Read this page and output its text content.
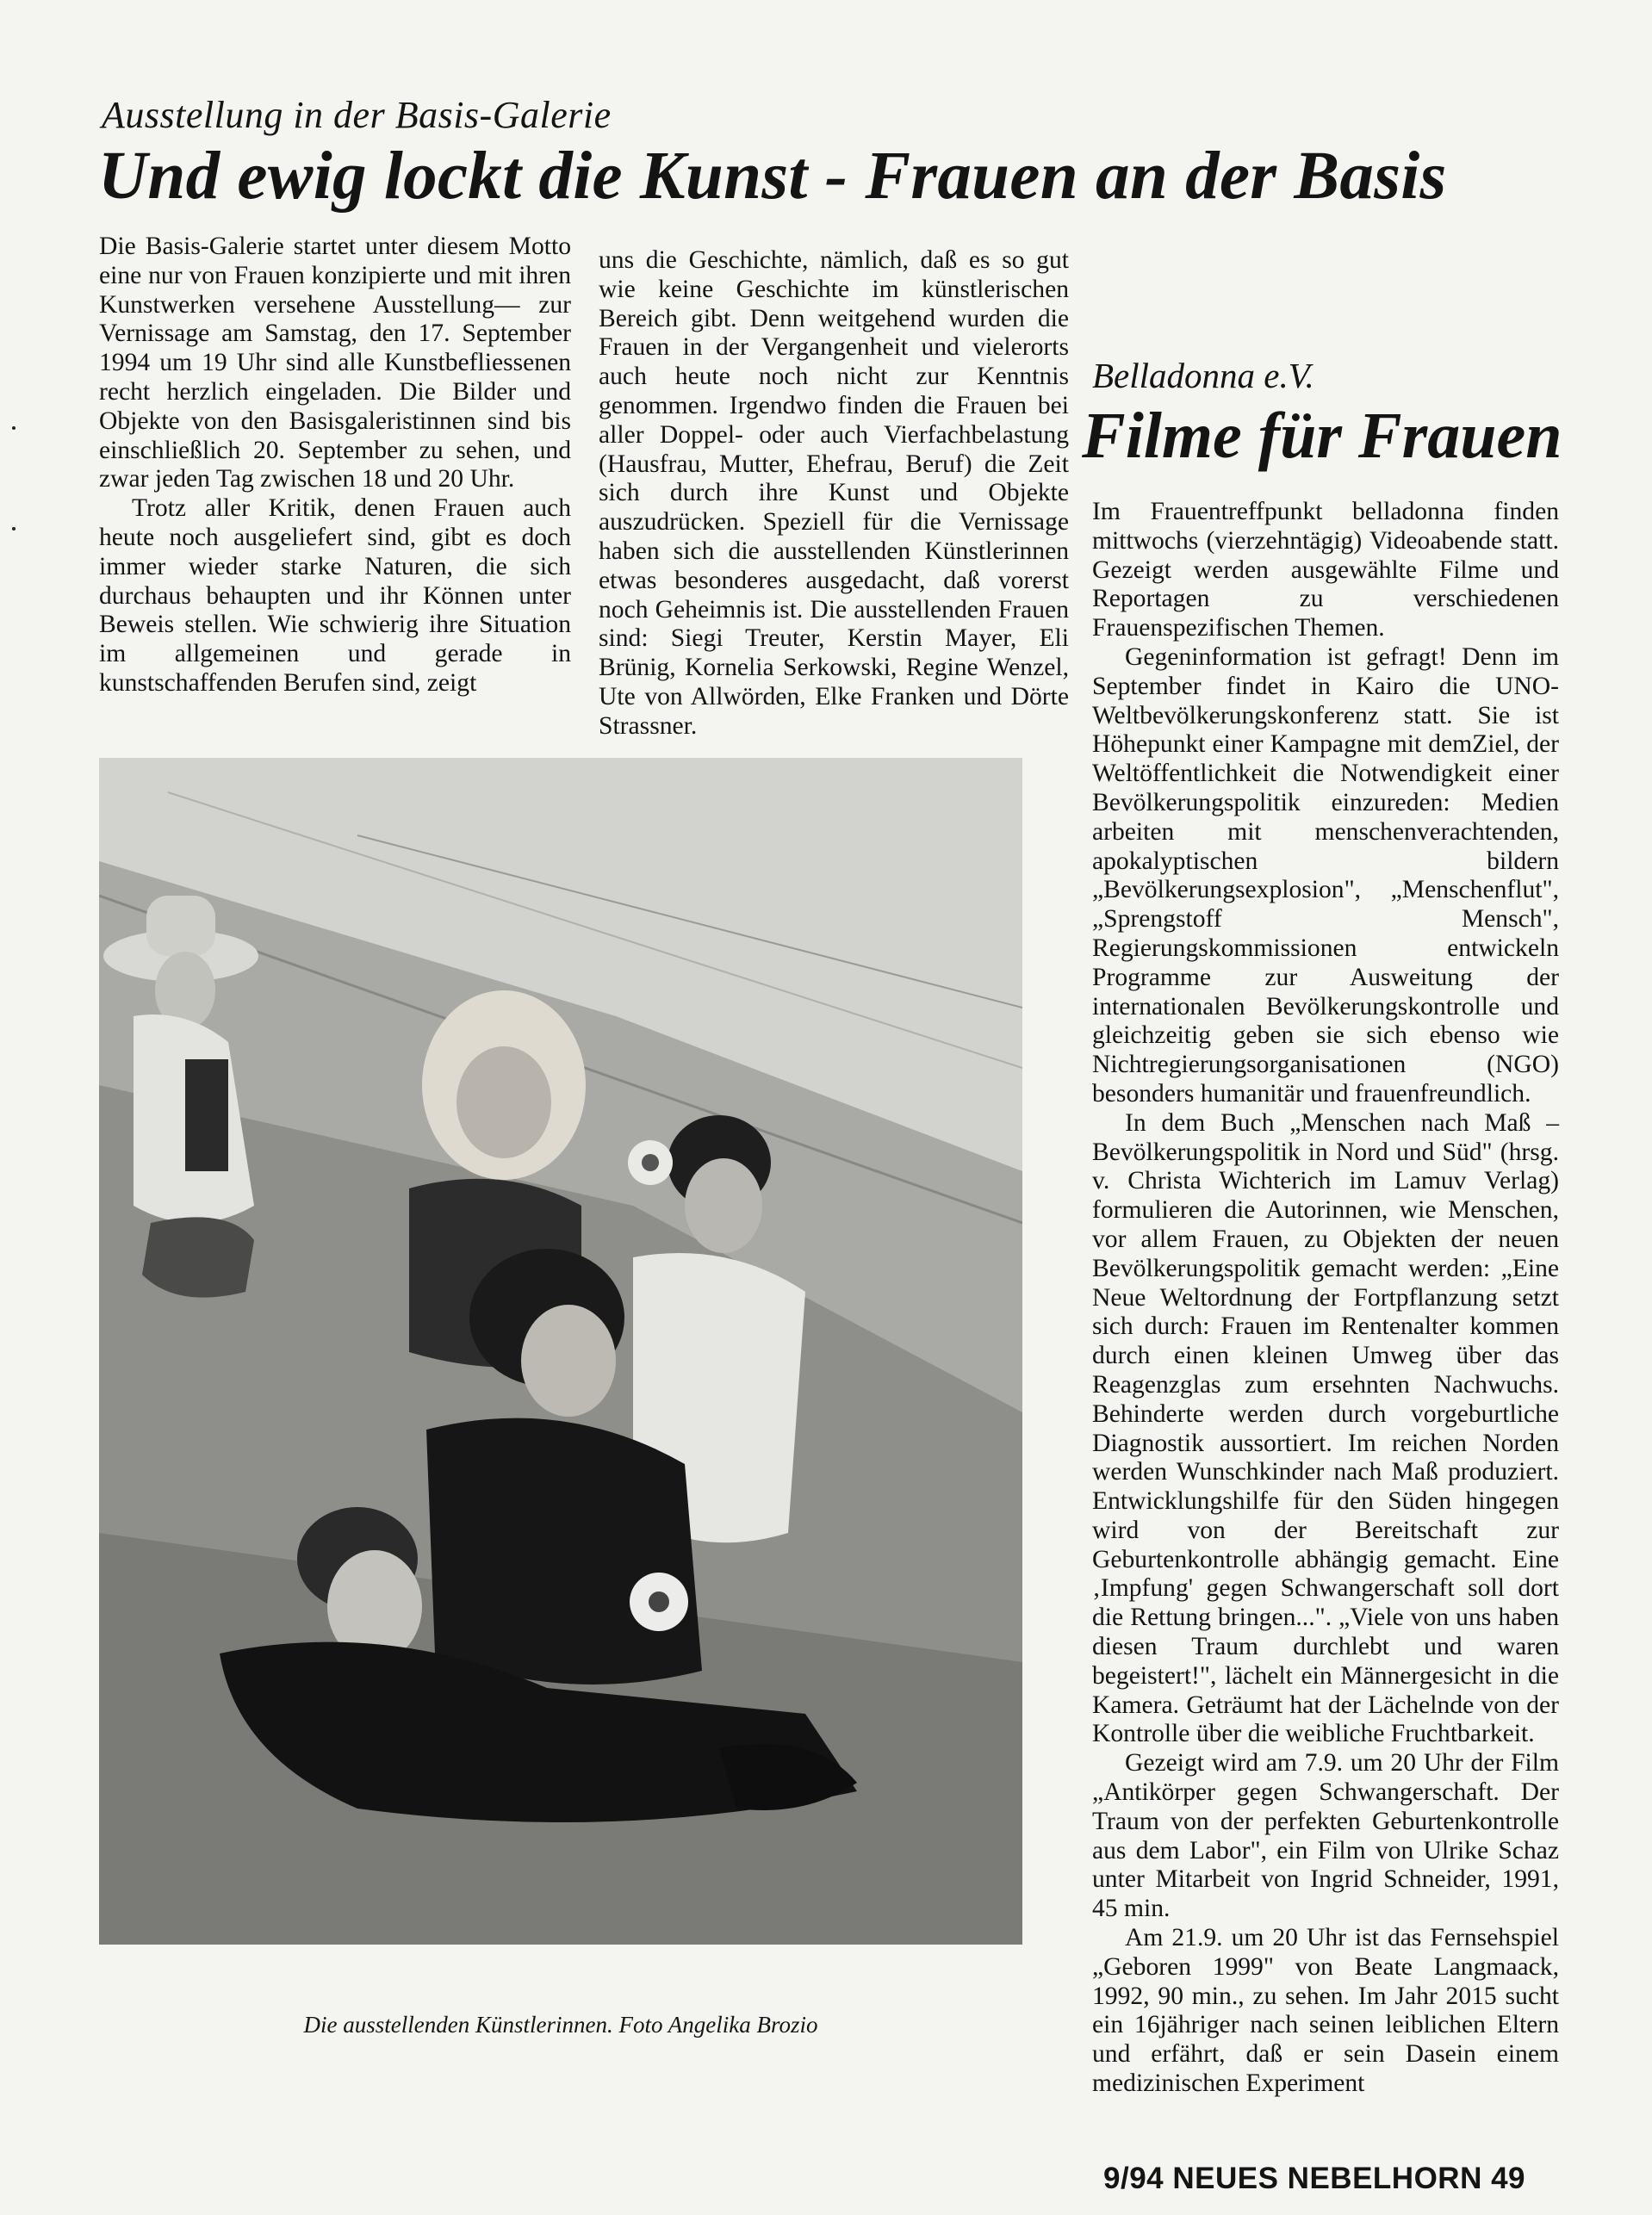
Ausstellung in der Basis-Galerie
Und ewig lockt die Kunst - Frauen an der Basis

Die Basis-Galerie startet unter diesem Motto eine nur von Frauen konzipierte und mit ihren Kunstwerken versehene Ausstellung— zur Vernissage am Samstag, den 17. September 1994 um 19 Uhr sind alle Kunstbefliessenen recht herzlich eingeladen. Die Bilder und Objekte von den Basisgaleristinnen sind bis einschließlich 20. September zu sehen, und zwar jeden Tag zwischen 18 und 20 Uhr.

Trotz aller Kritik, denen Frauen auch heute noch ausgeliefert sind, gibt es doch immer wieder starke Naturen, die sich durchaus behaupten und ihr Können unter Beweis stellen. Wie schwierig ihre Situation im allgemeinen und gerade in kunstschaffenden Berufen sind, zeigt

uns die Geschichte, nämlich, daß es so gut wie keine Geschichte im künstlerischen Bereich gibt. Denn weitgehend wurden die Frauen in der Vergangenheit und vielerorts auch heute noch nicht zur Kenntnis genommen. Irgendwo finden die Frauen bei aller Doppel- oder auch Vierfachbelastung (Hausfrau, Mutter, Ehefrau, Beruf) die Zeit sich durch ihre Kunst und Objekte auszudrücken. Speziell für die Vernissage haben sich die ausstellenden Künstlerinnen etwas besonderes ausgedacht, daß vorerst noch Geheimnis ist. Die ausstellenden Frauen sind: Siegi Treuter, Kerstin Mayer, Eli Brünig, Kornelia Serkowski, Regine Wenzel, Ute von Allwörden, Elke Franken und Dörte Strassner.

Die ausstellenden Künstlerinnen. Foto Angelika Brozio
Belladonna e.V.
Filme für Frauen

Im Frauentreffpunkt belladonna finden mittwochs (vierzehntägig) Videoabende statt. Gezeigt werden ausgewählte Filme und Reportagen zu verschiedenen Frauenspezifischen Themen.

Gegeninformation ist gefragt! Denn im September findet in Kairo die UNO-Weltbevölkerungskonferenz statt. Sie ist Höhepunkt einer Kampagne mit demZiel, der Weltöffentlichkeit die Notwendigkeit einer Bevölkerungspolitik einzureden: Medien arbeiten mit menschenverachtenden, apokalyptischen bildern „Bevölkerungsexplosion", „Menschenflut", „Sprengstoff Mensch", Regierungskommissionen entwickeln Programme zur Ausweitung der internationalen Bevölkerungskontrolle und gleichzeitig geben sie sich ebenso wie Nichtregierungsorganisationen (NGO) besonders humanitär und frauenfreundlich.

In dem Buch „Menschen nach Maß – Bevölkerungspolitik in Nord und Süd" (hrsg. v. Christa Wichterich im Lamuv Verlag) formulieren die Autorinnen, wie Menschen, vor allem Frauen, zu Objekten der neuen Bevölkerungspolitik gemacht werden: „Eine Neue Weltordnung der Fortpflanzung setzt sich durch: Frauen im Rentenalter kommen durch einen kleinen Umweg über das Reagenzglas zum ersehnten Nachwuchs. Behinderte werden durch vorgeburtliche Diagnostik aussortiert. Im reichen Norden werden Wunschkinder nach Maß produziert. Entwicklungshilfe für den Süden hingegen wird von der Bereitschaft zur Geburtenkontrolle abhängig gemacht. Eine ‚Impfung' gegen Schwangerschaft soll dort die Rettung bringen...". „Viele von uns haben diesen Traum durchlebt und waren begeistert!", lächelt ein Männergesicht in die Kamera. Geträumt hat der Lächelnde von der Kontrolle über die weibliche Fruchtbarkeit.

Gezeigt wird am 7.9. um 20 Uhr der Film „Antikörper gegen Schwangerschaft. Der Traum von der perfekten Geburtenkontrolle aus dem Labor", ein Film von Ulrike Schaz unter Mitarbeit von Ingrid Schneider, 1991, 45 min.

Am 21.9. um 20 Uhr ist das Fernsehspiel „Geboren 1999" von Beate Langmaack, 1992, 90 min., zu sehen. Im Jahr 2015 sucht ein 16jähriger nach seinen leiblichen Eltern und erfährt, daß er sein Dasein einem medizinischen Experiment

9/94 NEUES NEBELHORN 49
